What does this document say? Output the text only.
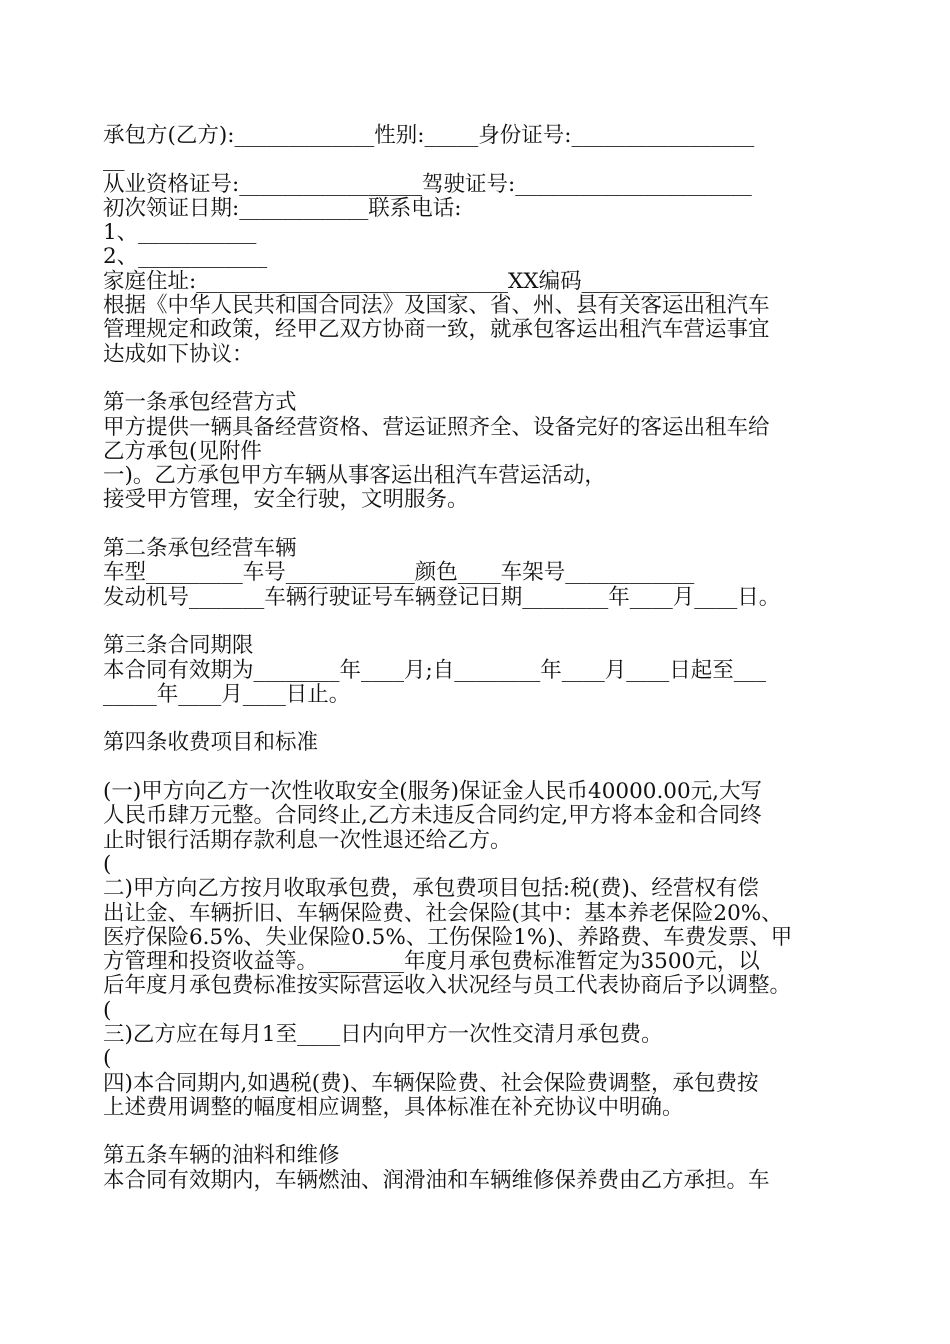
承包方(乙方):_____________性别:_____身份证号:_________________
__
从业资格证号:_________________驾驶证号:______________________
初次领证日期:____________联系电话:
1、___________
2、____________
家庭住址:_____________________________XX编码____________
根据《中华人民共和国合同法》及国家、省、州、县有关客运出租汽车
管理规定和政策，经甲乙双方协商一致，就承包客运出租汽车营运事宜
达成如下协议：
第一条承包经营方式
甲方提供一辆具备经营资格、营运证照齐全、设备完好的客运出租车给
乙方承包(见附件
一)。乙方承包甲方车辆从事客运出租汽车营运活动，
接受甲方管理，安全行驶，文明服务。
第二条承包经营车辆
车型_________车号____________颜色____车架号____________
发动机号_______车辆行驶证号车辆登记日期________年____月____日。
第三条合同期限
本合同有效期为________年____月;自________年____月____日起至___
_____年____月____日止。
第四条收费项目和标准
(一)甲方向乙方一次性收取安全(服务)保证金人民币40000.00元,大写
人民币肆万元整。合同终止,乙方未违反合同约定,甲方将本金和合同终
止时银行活期存款利息一次性退还给乙方。
(
二)甲方向乙方按月收取承包费，承包费项目包括:税(费)、经营权有偿
出让金、车辆折旧、车辆保险费、社会保险(其中：基本养老保险20%、
医疗保险6.5%、失业保险0.5%、工伤保险1%)、养路费、车费发票、甲
方管理和投资收益等。________年度月承包费标准暂定为3500元，以
后年度月承包费标准按实际营运收入状况经与员工代表协商后予以调整。
(
三)乙方应在每月1至____日内向甲方一次性交清月承包费。
(
四)本合同期内,如遇税(费)、车辆保险费、社会保险费调整，承包费按
上述费用调整的幅度相应调整，具体标准在补充协议中明确。
第五条车辆的油料和维修
本合同有效期内，车辆燃油、润滑油和车辆维修保养费由乙方承担。车
